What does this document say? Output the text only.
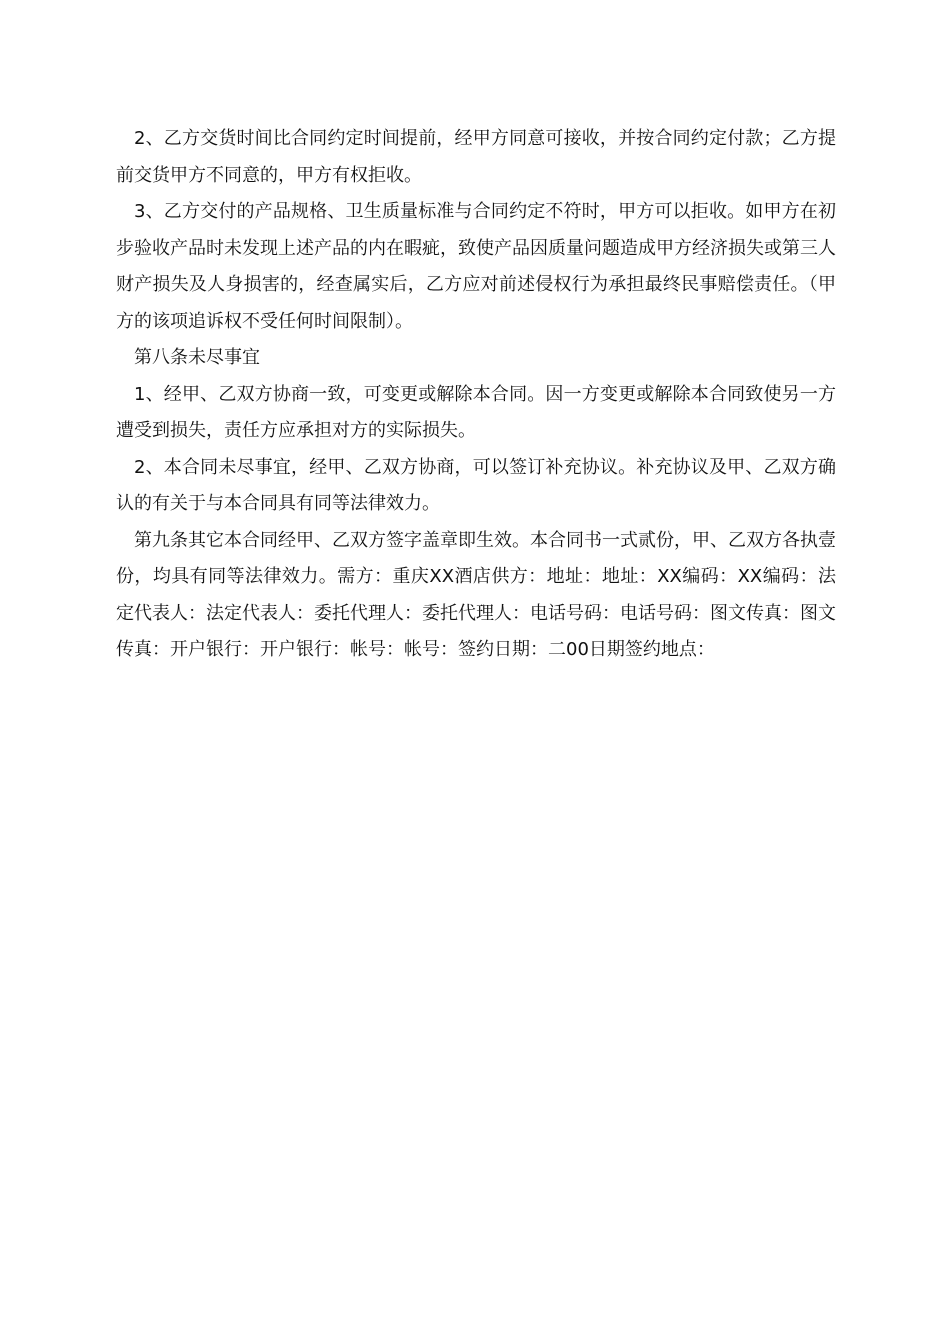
2、乙方交货时间比合同约定时间提前，经甲方同意可接收，并按合同约定付款；乙方提前交货甲方不同意的，甲方有权拒收。

3、乙方交付的产品规格、卫生质量标准与合同约定不符时，甲方可以拒收。如甲方在初步验收产品时未发现上述产品的内在暇疵，致使产品因质量问题造成甲方经济损失或第三人财产损失及人身损害的，经查属实后，乙方应对前述侵权行为承担最终民事赔偿责任。（甲方的该项追诉权不受任何时间限制）。

第八条未尽事宜

1、经甲、乙双方协商一致，可变更或解除本合同。因一方变更或解除本合同致使另一方遭受到损失，责任方应承担对方的实际损失。

2、本合同未尽事宜，经甲、乙双方协商，可以签订补充协议。补充协议及甲、乙双方确认的有关于与本合同具有同等法律效力。

第九条其它本合同经甲、乙双方签字盖章即生效。本合同书一式贰份，甲、乙双方各执壹份，均具有同等法律效力。需方：重庆XX酒店供方：地址：地址：XX编码：XX编码：法定代表人：法定代表人：委托代理人：委托代理人：电话号码：电话号码：图文传真：图文传真：开户银行：开户银行：帐号：帐号：签约日期：二00日期签约地点：
